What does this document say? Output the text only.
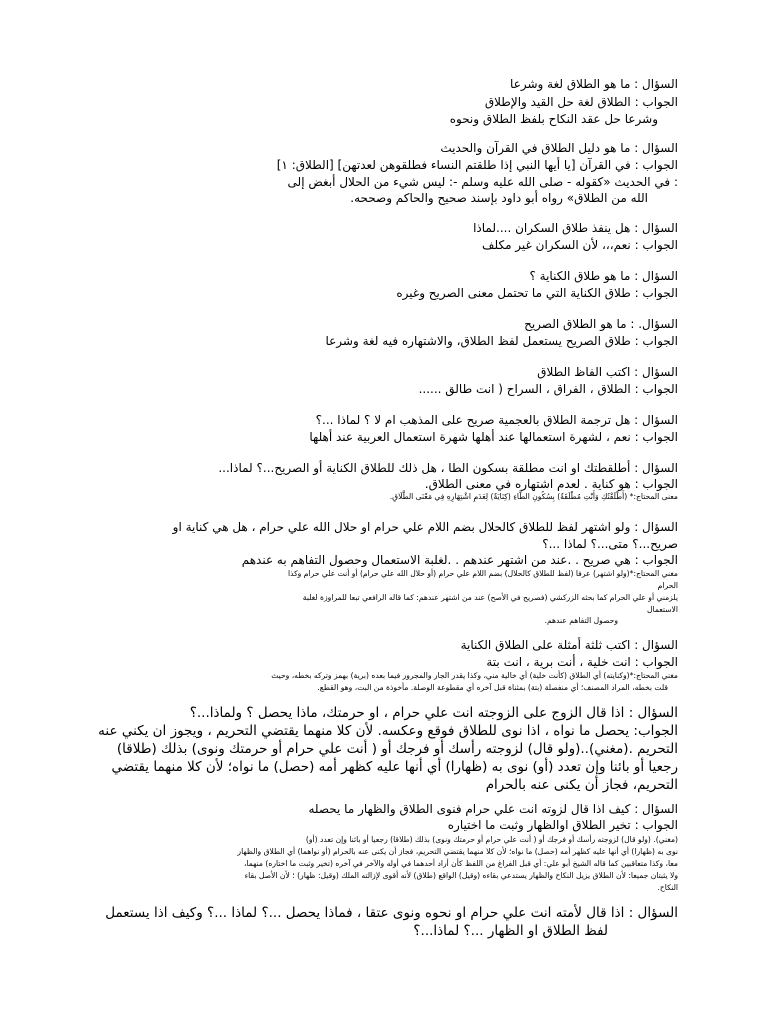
السؤال : ما هو الطلاق لغة وشرعا

الجواب : الطلاق لغة حل القيد والإطلاق

وشرعا حل عقد النكاح بلفظ الطلاق ونحوه

السؤال : ما هو دليل الطلاق في القرآن والحديث

الجواب : في القرآن [يا أيها النبي إذا طلقتم النساء فطلقوهن لعدتهن] [الطلاق: ١]

: في الحديث «كقوله - صلى الله عليه وسلم -: ليس شيء من الحلال أبغض إلى

الله من الطلاق» رواه أبو داود بإسند صحيح والحاكم وصححه.

السؤال : هل ينفذ طلاق السكران ....لماذا

الجواب : نعم،،، لأن السكران غير مكلف

السؤال : ما هو طلاق الكناية ؟

الجواب : طلاق الكناية التي ما تحتمل معنى الصريح وغيره

السؤال. : ما هو الطلاق الصريح

الجواب : طلاق الصريح يستعمل لفظ الطلاق، والاشتهاره فيه لغة وشرعا

السؤال : اكتب الفاظ الطلاق

الجواب : الطلاق ، الفراق ، السراح ( انت طالق ......

السؤال : هل ترجمة الطلاق بالعجمية صريح على المذهب ام لا ؟ لماذا ...؟

الجواب : نعم ، لشهرة استعمالها عند أهلها شهرة استعمال العربية عند أهلها

السؤال : أطلقطتك او انت مطلقة بسكون الطا ، هل ذلك للطلاق الكناية أو الصريح...؟ لماذا...

الجواب : هو كناية . لعدم اشتهاره في معنى الطلاق.

معنى المحتاج:* (أَطْلَقْتُكِ وَأَنْتِ مُطْلَقَةٌ) بِسُكُونِ الطَّاءِ (كِنَايَةٌ) لِعَدَمِ اشْتِهَارِهِ فِي مَعْنَى الطَّلَاقِ.

السؤال : ولو اشتهر لفظ للطلاق كالحلال بضم اللام علي حرام او حلال الله علي حرام ، هل هي كناية او

صريح...؟ متى...؟ لماذا ...؟

الجواب : هي صريح . .عند من اشتهر عندهم . .لغلبة الاستعمال وحصول التفاهم به عندهم

مغني المحتاج:*(ولو اشتهر) عرفا (لفظ للطلاق كالحلال) بضم اللام علي حرام (أو حلال الله علي حرام) أو أنت علي حرام وكذا

الحرام

يلزمني أو علي الحرام كما بحثه الزركشي (فصريح في الأصح) عند من اشتهر عندهم: كما قاله الرافعي تبعا للمراوزة لغلبة

الاستعمال

وحصول التفاهم عندهم.

السؤال : اكتب ثلثة أمثلة على الطلاق الكناية

الجواب : انت خلية ، أنت برية ، انت بتة

مغني المحتاج:*(وكنايته) أي الطلاق (كأنت خلية) أي خالية مني، وكذا يقدر الجار والمجرور فيما بعده (برية) بهمز وتركه بخطه، وحيث

قلت بخطه، المراد المصنف؛ أي منفصلة (بتة) بمثناة قبل آخره أي مقطوعة الوصلة. مأخوذة من البت، وهو القطع.

السؤال : اذا قال الزوج على الزوجته انت علي حرام ، او حرمتك، ماذا يحصل ؟ ولماذا...؟

الجواب: يحصل ما نواه ، اذا نوى للطلاق فوقع وعكسه. لأن كلا منهما يقتضي التحريم ، ويجوز ان يكني عنه

التحريم .(مغني)..(ولو قال) لزوجته رأسك أو فرجك أو ( أنت علي حرام أو حرمتك ونوى) بذلك (طلاقا)

رجعيا أو بائنا وإن تعدد (أو) نوى به (ظهارا) أي أنها عليه كظهر أمه (حصل) ما نواه؛ لأن كلا منهما يقتضي

التحريم، فجاز أن يكنى عنه بالحرام

السؤال : كيف اذا قال لزوته انت علي حرام فنوى الطلاق والظهار ما يحصله

الجواب : تخير الطلاق اوالظهار وثبت ما اختياره

(مغني). (ولو قال) لزوجته رأسك أو فرجك أو ( أنت علي حرام أو حرمتك ونوى) بذلك (طلاقا) رجعيا أو بائنا وإن تعدد (أو)

نوى به (ظهارا) أي أنها عليه كظهر أمه (حصل) ما نواه؛ لأن كلا منهما يقتضي التحريم، فجاز أن يكنى عنه بالحرام (أو نواهما) أي الطلاق والظهار

معا، وكذا متعاقبين كما قاله الشيخ أبو علي: أي قبل الفراغ من اللفظ كأن أراد أحدهما في أوله والآخر في آخره (تخير وثبت ما اختاره) منهما،

ولا يثبتان جميعا: لأن الطلاق يزيل النكاح والظهار يستدعي بقاءه (وقيل) الواقع (طلاق) لأنه أقوى لإزالته الملك (وقيل: ظهار) ؛ لأن الأصل بقاء

النكاح.

السؤال : اذا قال لأمته انت علي حرام او نحوه ونوى عتقا ، فماذا يحصل ...؟ لماذا ...؟ وكيف اذا يستعمل

لفظ الطلاق او الظهار ...؟ لماذا...؟
